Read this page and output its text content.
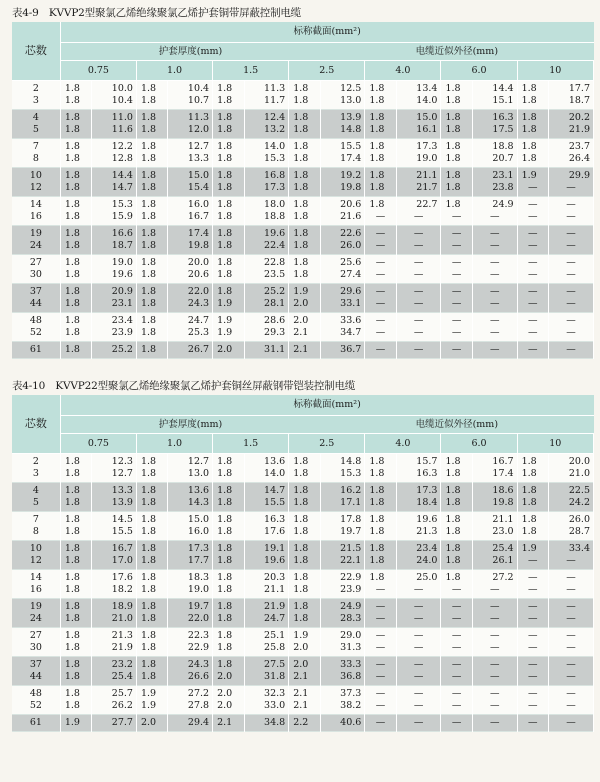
表4-9　KVVP2型聚氯乙烯绝缘聚氯乙烯护套铜带屏蔽控制电缆
芯数	标称截面(mm²)													
	护套厚度(mm)							电缆近似外径(mm)						
	0.75		1.0		1.5		2.5		4.0		6.0		10	
2	1.8	10.0	1.8	10.4	1.8	11.3	1.8	12.5	1.8	13.4	1.8	14.4	1.8	17.7
3	1.8	10.4	1.8	10.7	1.8	11.7	1.8	13.0	1.8	14.0	1.8	15.1	1.8	18.7
4	1.8	11.0	1.8	11.3	1.8	12.4	1.8	13.9	1.8	15.0	1.8	16.3	1.8	20.2
5	1.8	11.6	1.8	12.0	1.8	13.2	1.8	14.8	1.8	16.1	1.8	17.5	1.8	21.9
7	1.8	12.2	1.8	12.7	1.8	14.0	1.8	15.5	1.8	17.3	1.8	18.8	1.8	23.7
8	1.8	12.8	1.8	13.3	1.8	15.3	1.8	17.4	1.8	19.0	1.8	20.7	1.8	26.4
10	1.8	14.4	1.8	15.0	1.8	16.8	1.8	19.2	1.8	21.1	1.8	23.1	1.9	29.9
12	1.8	14.7	1.8	15.4	1.8	17.3	1.8	19.8	1.8	21.7	1.8	23.8	—	—
14	1.8	15.3	1.8	16.0	1.8	18.0	1.8	20.6	1.8	22.7	1.8	24.9	—	—
16	1.8	15.9	1.8	16.7	1.8	18.8	1.8	21.6	—	—	—	—	—	—
19	1.8	16.6	1.8	17.4	1.8	19.6	1.8	22.6	—	—	—	—	—	—
24	1.8	18.7	1.8	19.8	1.8	22.4	1.8	26.0	—	—	—	—	—	—
27	1.8	19.0	1.8	20.0	1.8	22.8	1.8	25.6	—	—	—	—	—	—
30	1.8	19.6	1.8	20.6	1.8	23.5	1.8	27.4	—	—	—	—	—	—
37	1.8	20.9	1.8	22.0	1.8	25.2	1.9	29.6	—	—	—	—	—	—
44	1.8	23.1	1.8	24.3	1.9	28.1	2.0	33.1	—	—	—	—	—	—
48	1.8	23.4	1.8	24.7	1.9	28.6	2.0	33.6	—	—	—	—	—	—
52	1.8	23.9	1.8	25.3	1.9	29.3	2.1	34.7	—	—	—	—	—	—
61	1.8	25.2	1.8	26.7	2.0	31.1	2.1	36.7	—	—	—	—	—	—
表4-10　KVVP22型聚氯乙烯绝缘聚氯乙烯护套铜丝屏蔽钢带铠装控制电缆
芯数	标称截面(mm²)													
	护套厚度(mm)							电缆近似外径(mm)						
	0.75		1.0		1.5		2.5		4.0		6.0		10	
2	1.8	12.3	1.8	12.7	1.8	13.6	1.8	14.8	1.8	15.7	1.8	16.7	1.8	20.0
3	1.8	12.7	1.8	13.0	1.8	14.0	1.8	15.3	1.8	16.3	1.8	17.4	1.8	21.0
4	1.8	13.3	1.8	13.6	1.8	14.7	1.8	16.2	1.8	17.3	1.8	18.6	1.8	22.5
5	1.8	13.9	1.8	14.3	1.8	15.5	1.8	17.1	1.8	18.4	1.8	19.8	1.8	24.2
7	1.8	14.5	1.8	15.0	1.8	16.3	1.8	17.8	1.8	19.6	1.8	21.1	1.8	26.0
8	1.8	15.5	1.8	16.0	1.8	17.6	1.8	19.7	1.8	21.3	1.8	23.0	1.8	28.7
10	1.8	16.7	1.8	17.3	1.8	19.1	1.8	21.5	1.8	23.4	1.8	25.4	1.9	33.4
12	1.8	17.0	1.8	17.7	1.8	19.6	1.8	22.1	1.8	24.0	1.8	26.1	—	—
14	1.8	17.6	1.8	18.3	1.8	20.3	1.8	22.9	1.8	25.0	1.8	27.2	—	—
16	1.8	18.2	1.8	19.0	1.8	21.1	1.8	23.9	—	—	—	—	—	—
19	1.8	18.9	1.8	19.7	1.8	21.9	1.8	24.9	—	—	—	—	—	—
24	1.8	21.0	1.8	22.0	1.8	24.7	1.8	28.3	—	—	—	—	—	—
27	1.8	21.3	1.8	22.3	1.8	25.1	1.9	29.0	—	—	—	—	—	—
30	1.8	21.9	1.8	22.9	1.8	25.8	2.0	31.3	—	—	—	—	—	—
37	1.8	23.2	1.8	24.3	1.8	27.5	2.0	33.3	—	—	—	—	—	—
44	1.8	25.4	1.8	26.6	2.0	31.8	2.1	36.8	—	—	—	—	—	—
48	1.8	25.7	1.9	27.2	2.0	32.3	2.1	37.3	—	—	—	—	—	—
52	1.8	26.2	1.9	27.8	2.0	33.0	2.1	38.2	—	—	—	—	—	—
61	1.9	27.7	2.0	29.4	2.1	34.8	2.2	40.6	—	—	—	—	—	—
